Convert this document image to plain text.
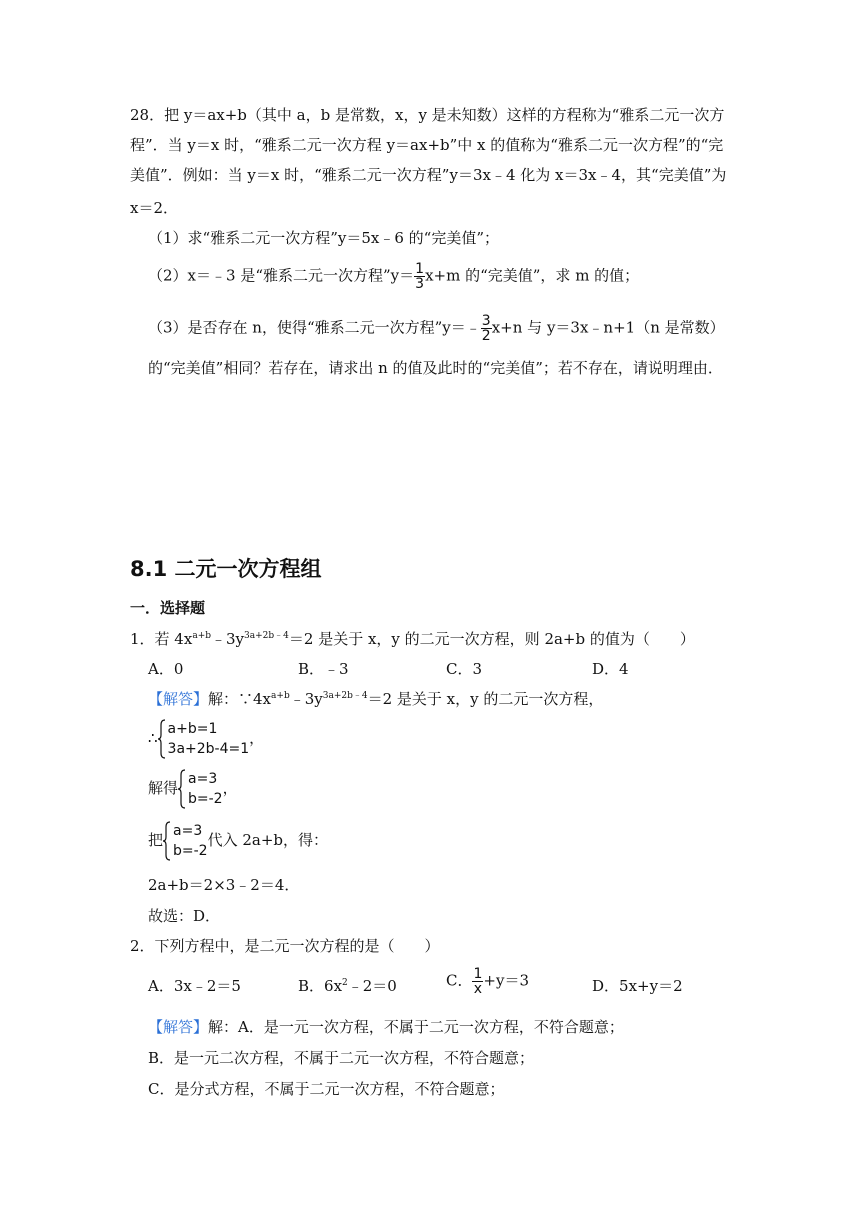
28．把 y＝ax+b（其中 a，b 是常数，x，y 是未知数）这样的方程称为“雅系二元一次方
程”．当 y＝x 时，“雅系二元一次方程 y＝ax+b”中 x 的值称为“雅系二元一次方程”的“完
美值”．例如：当 y＝x 时，“雅系二元一次方程”y＝3x﹣4 化为 x＝3x﹣4，其“完美值”为
x＝2．
（1）求“雅系二元一次方程”y＝5x﹣6 的“完美值”；
（2）x＝﹣3 是“雅系二元一次方程”y＝ $\frac{1}{3} x+m$ 的“完美值”，求 m 的值；
（3）是否存在 n，使得“雅系二元一次方程”y＝﹣ $\frac{3}{2} x+n$ 与 y＝3x﹣n+1（n 是常数）
的“完美值”相同？若存在，请求出 n 的值及此时的“完美值”；若不存在，请说明理由．
8.1 二元一次方程组
一．选择题
1．若 $4x^{a+b}﹣3y^{3a+2b﹣4}=2$ 是关于 x，y 的二元一次方程，则 2a+b 的值为（　　）
A．0	B．﹣3	C．3	D．4
【解答】解：$\because 4x^{a+b}﹣3y^{3a+2b﹣4}=2$ 是关于 x，y 的二元一次方程，
∴ a+b=1
3a+2b-4=1
，
解得 a=3
b=-2
，
把 a=3
b=-2
代入 2a+b，得：
2a+b＝2×3﹣2＝4．
故选：D．
2．下列方程中，是二元一次方程的是（　　）
A．3x﹣2＝5	B．$6x^2﹣2=0$	C． $\frac{1}{x} +y=3$	D．5x+y＝2
【解答】解：A．是一元一次方程，不属于二元一次方程，不符合题意；
B．是一元二次方程，不属于二元一次方程，不符合题意；
C．是分式方程，不属于二元一次方程，不符合题意；
